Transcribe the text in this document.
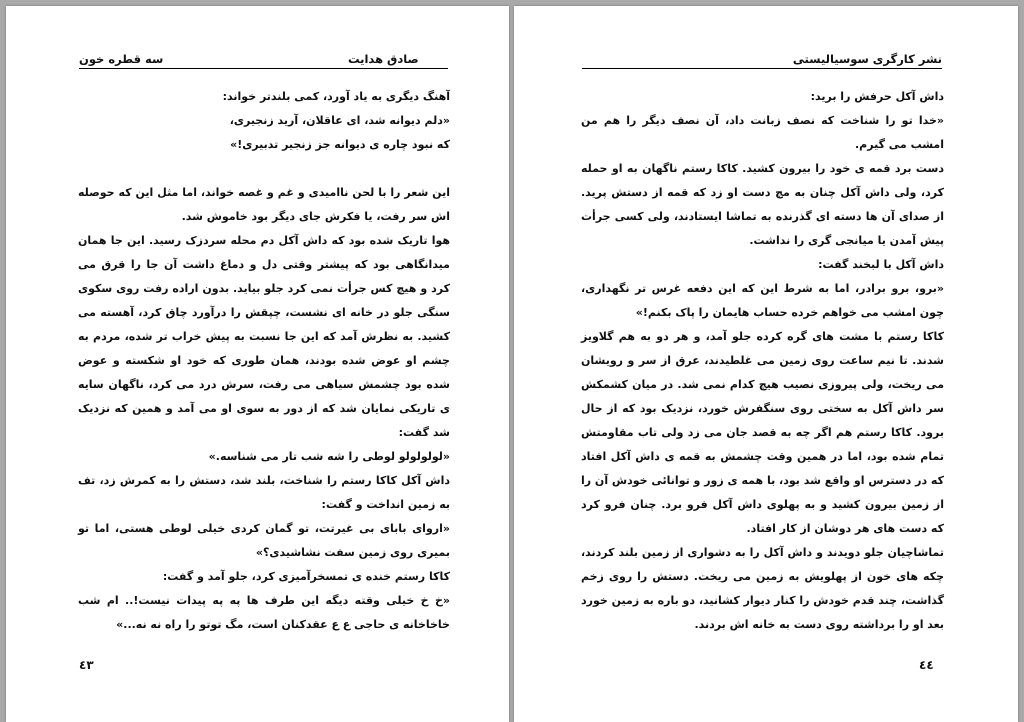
سه قطره خون	صادق هدایت

آهنگ دیگری به یاد آورد، کمی بلندتر خواند:
«دلم دیوانه شد، ای عاقلان، آرید زنجیری،
که نبود چاره ی دیوانه جز زنجیر تدبیری!»

این شعر را با لحن ناامیدی و غم و غصه خواند، اما مثل این که حوصله اش سر رفت، یا فکرش جای دیگر بود خاموش شد.

هوا تاریک شده بود که داش آکل دم محله سردزک رسید. این جا همان میدانگاهی بود که پیشتر وقتی دل و دماغ داشت آن جا را قرق می کرد و هیچ کس جرأت نمی کرد جلو بیاید. بدون اراده رفت روی سکوی سنگی جلو در خانه ای نشست، چپقش را درآورد چاق کرد، آهسته می کشید. به نظرش آمد که این جا نسبت به پیش خراب تر شده، مردم به چشم او عوض شده بودند، همان طوری که خود او شکسته و عوض شده بود چشمش سیاهی می رفت، سرش درد می کرد، ناگهان سایه ی تاریکی نمایان شد که از دور به سوی او می آمد و همین که نزدیک شد گفت:

«لولولولو لوطی را شه شب تار می شناسه.»

داش آکل کاکا رستم را شناخت، بلند شد، دستش را به کمرش زد، تف به زمین انداخت و گفت:

«ارواى باباى بی غیرتت، تو گمان کردی خیلی لوطی هستی، اما تو بمیری روی زمین سفت نشاشیدی؟»

کاکا رستم خنده ی تمسخرآمیزی کرد، جلو آمد و گفت:

«خ خ خیلی وقته دیگه این طرف ها په په پیدات نیست!.. ام شب خاخاخانه ی حاجی ع ع عقدکنان است، مگ توتو را راه نه نه...»

٤٣
نشر کارگری سوسیالیستی

داش آکل حرفش را برید:

«خدا تو را شناخت که نصف زبانت داد، آن نصف دیگر را هم من امشب می گیرم.

دست برد قمه ی خود را بیرون کشید. کاکا رستم ناگهان به او حمله کرد، ولی داش آکل چنان به مچ دست او زد که قمه از دستش پرید. از صدای آن ها دسته ای گذرنده به تماشا ایستادند، ولی کسی جرأت پیش آمدن یا میانجی گری را نداشت.

داش آکل با لبخند گفت:

«برو، برو برادر، اما به شرط این که این دفعه غرس تر نگهداری، چون امشب می خواهم خرده حساب هایمان را پاک بکنم!»

کاکا رستم با مشت های گره کرده جلو آمد، و هر دو به هم گلاویز شدند. تا نیم ساعت روی زمین می غلطیدند، عرق از سر و رویشان می ریخت، ولی پیروزی نصیب هیچ کدام نمی شد. در میان کشمکش سر داش آکل به سختی روی سنگفرش خورد، نزدیک بود که از حال برود. کاکا رستم هم اگر چه به قصد جان می زد ولی تاب مقاومتش تمام شده بود، اما در همین وقت چشمش به قمه ی داش آکل افتاد که در دسترس او واقع شد بود، با همه ی زور و توانائی خودش آن را از زمین بیرون کشید و به پهلوی داش آکل فرو برد. چنان فرو کرد که دست های هر دوشان از کار افتاد.

تماشاچیان جلو دویدند و داش آکل را به دشواری از زمین بلند کردند، چکه های خون از پهلویش به زمین می ریخت. دستش را روی زخم گذاشت، چند قدم خودش را کنار دیوار کشانید، دو باره به زمین خورد بعد او را برداشته روی دست به خانه اش بردند.

٤٤
